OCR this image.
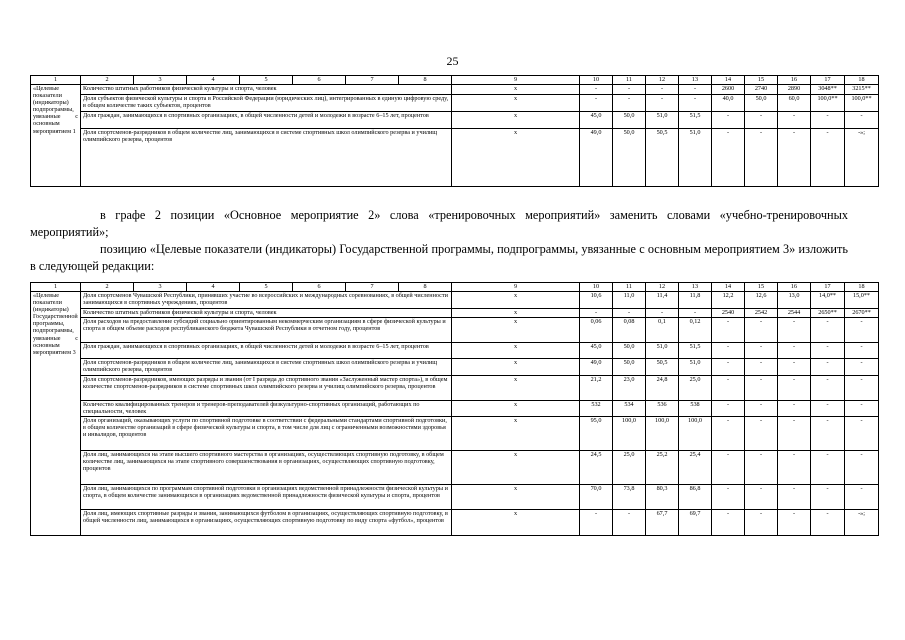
25
1	2	3	4	5	6	7	8	9	10	11	12	13	14	15	16	17	18
«Целевые показатели (индикаторы) подпрограммы, увязанные с основным мероприятием 1	Количество штатных работников физической культуры и спорта, человек							x	-	-	-	-	2600	2740	2890	3048**	3215**
	Доля субъектов физической культуры и спорта в Российской Федерации (юридических лиц), интегрированных в единую цифровую среду, в общем количестве таких субъектов, процентов							x	-	-	-	-	40,0	50,0	60,0	100,0**	100,0**
	Доля граждан, занимающихся в спортивных организациях, в общей численности детей и молодежи в возрасте 6–15 лет, процентов							x	45,0	50,0	51,0	51,5	-	-	-	-	-
	Доля спортсменов-разрядников в общем количестве лиц, занимающихся в системе спортивных школ олимпийского резерва и училищ олимпийского резерва, процентов							x	49,0	50,0	50,5	51,0	-	-	-	-	-»;
в графе 2 позиции «Основное мероприятие 2» слова «тренировочных мероприятий» заменить словами «учебно-тренировочных мероприятий»;
позицию «Целевые показатели (индикаторы) Государственной программы, подпрограммы, увязанные с основным мероприятием 3» изложить в следующей редакции:
1	2	3	4	5	6	7	8	9	10	11	12	13	14	15	16	17	18
«Целевые показатели (индикаторы) Государственной программы, подпрограммы, увязанные с основным мероприятием 3	Доля спортсменов Чувашской Республики, принявших участие во всероссийских и международных соревнованиях, в общей численности занимающихся в спортивных учреждениях, процентов							x	10,6	11,0	11,4	11,8	12,2	12,6	13,0	14,0**	15,0**
	Количество штатных работников физической культуры и спорта, человек							x	-	-	-	-	2540	2542	2544	2650**	2670**
	Доля расходов на предоставление субсидий социально ориентированным некоммерческим организациям в сфере физической культуры и спорта в общем объеме расходов республиканского бюджета Чувашской Республики в отчетном году, процентов							x	0,06	0,08	0,1	0,12	-	-	-	-	-
	Доля граждан, занимающихся в спортивных организациях, в общей численности детей и молодежи в возрасте 6–15 лет, процентов							x	45,0	50,0	51,0	51,5	-	-	-	-	-
	Доля спортсменов-разрядников в общем количестве лиц, занимающихся в системе спортивных школ олимпийского резерва и училищ олимпийского резерва, процентов							x	49,0	50,0	50,5	51,0	-	-	-	-	-
	Доля спортсменов-разрядников, имеющих разряды и звания (от I разряда до спортивного звания «Заслуженный мастер спорта»), в общем количестве спортсменов-разрядников в системе спортивных школ олимпийского резерва и училищ олимпийского резерва, процентов							x	21,2	23,0	24,8	25,0	-	-	-	-	-
	Количество квалифицированных тренеров и тренеров-преподавателей физкультурно-спортивных организаций, работающих по специальности, человек							x	532	534	536	538	-	-	-	-	-
	Доля организаций, оказывающих услуги по спортивной подготовке в соответствии с федеральными стандартами спортивной подготовки, в общем количестве организаций в сфере физической культуры и спорта, в том числе для лиц с ограниченными возможностями здоровья и инвалидов, процентов							x	95,0	100,0	100,0	100,0	-	-	-	-	-
	Доля лиц, занимающихся на этапе высшего спортивного мастерства в организациях, осуществляющих спортивную подготовку, в общем количестве лиц, занимающихся на этапе спортивного совершенствования в организациях, осуществляющих спортивную подготовку, процентов							x	24,5	25,0	25,2	25,4	-	-	-	-	-
	Доля лиц, занимающихся по программам спортивной подготовки в организациях ведомственной принадлежности физической культуры и спорта, в общем количестве занимающихся в организациях ведомственной принадлежности физической культуры и спорта, процентов							x	70,0	73,8	80,3	86,8	-	-	-	-	-
	Доля лиц, имеющих спортивные разряды и звания, занимающихся футболом в организациях, осуществляющих спортивную подготовку, в общей численности лиц, занимающихся в организациях, осуществляющих спортивную подготовку по виду спорта «футбол», процентов							x	-	-	67,7	69,7	-	-	-	-	-»;
